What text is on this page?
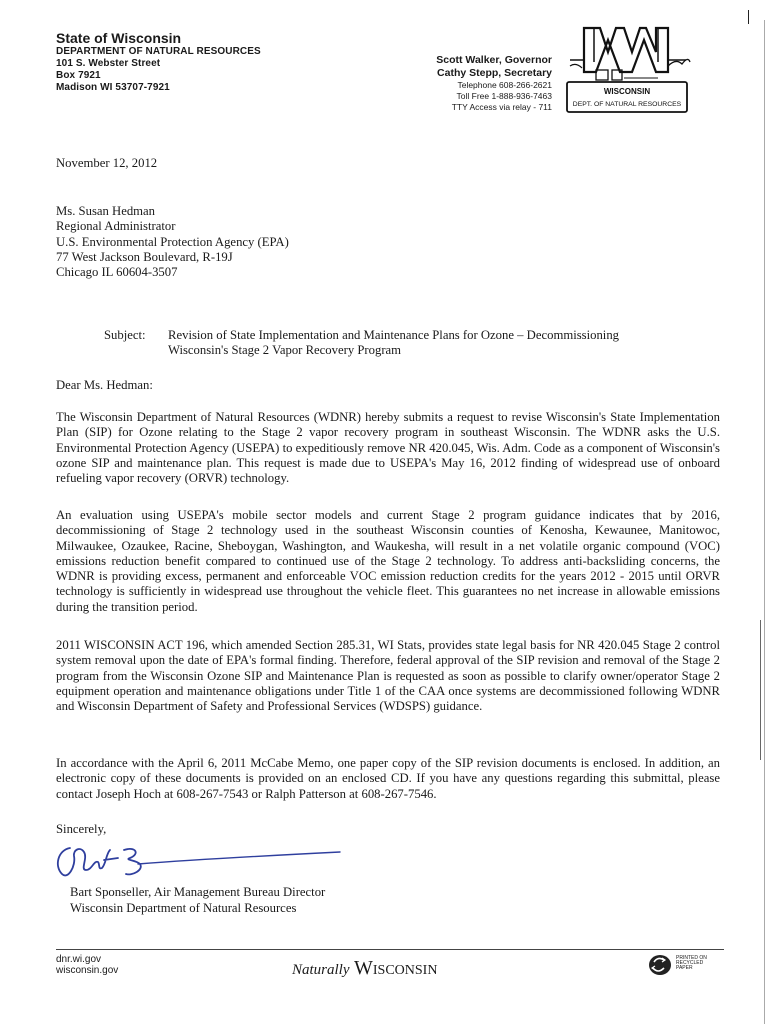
State of Wisconsin
DEPARTMENT OF NATURAL RESOURCES
101 S. Webster Street
Box 7921
Madison WI 53707-7921
Scott Walker, Governor
Cathy Stepp, Secretary
Telephone 608-266-2621
Toll Free 1-888-936-7463
TTY Access via relay - 711
WISCONSIN
DEPT. OF NATURAL RESOURCES
November 12, 2012
Ms. Susan Hedman
Regional Administrator
U.S. Environmental Protection Agency (EPA)
77 West Jackson Boulevard, R-19J
Chicago IL 60604-3507
Subject: Revision of State Implementation and Maintenance Plans for Ozone – Decommissioning
Wisconsin's Stage 2 Vapor Recovery Program
Dear Ms. Hedman:
The Wisconsin Department of Natural Resources (WDNR) hereby submits a request to revise Wisconsin's State Implementation Plan (SIP) for Ozone relating to the Stage 2 vapor recovery program in southeast Wisconsin. The WDNR asks the U.S. Environmental Protection Agency (USEPA) to expeditiously remove NR 420.045, Wis. Adm. Code as a component of Wisconsin's ozone SIP and maintenance plan. This request is made due to USEPA's May 16, 2012 finding of widespread use of onboard refueling vapor recovery (ORVR) technology.
An evaluation using USEPA's mobile sector models and current Stage 2 program guidance indicates that by 2016, decommissioning of Stage 2 technology used in the southeast Wisconsin counties of Kenosha, Kewaunee, Manitowoc, Milwaukee, Ozaukee, Racine, Sheboygan, Washington, and Waukesha, will result in a net volatile organic compound (VOC) emissions reduction benefit compared to continued use of the Stage 2 technology. To address anti-backsliding concerns, the WDNR is providing excess, permanent and enforceable VOC emission reduction credits for the years 2012 - 2015 until ORVR technology is sufficiently in widespread use throughout the vehicle fleet. This guarantees no net increase in allowable emissions during the transition period.
2011 WISCONSIN ACT 196, which amended Section 285.31, WI Stats, provides state legal basis for NR 420.045 Stage 2 control system removal upon the date of EPA's formal finding. Therefore, federal approval of the SIP revision and removal of the Stage 2 program from the Wisconsin Ozone SIP and Maintenance Plan is requested as soon as possible to clarify owner/operator Stage 2 equipment operation and maintenance obligations under Title 1 of the CAA once systems are decommissioned following WDNR and Wisconsin Department of Safety and Professional Services (WDSPS) guidance.
In accordance with the April 6, 2011 McCabe Memo, one paper copy of the SIP revision documents is enclosed. In addition, an electronic copy of these documents is provided on an enclosed CD. If you have any questions regarding this submittal, please contact Joseph Hoch at 608-267-7543 or Ralph Patterson at 608-267-7546.
Sincerely,
Bart Sponseller, Air Management Bureau Director
Wisconsin Department of Natural Resources
dnr.wi.gov
wisconsin.gov	Naturally Wisconsin	PRINTED ON RECYCLED PAPER
